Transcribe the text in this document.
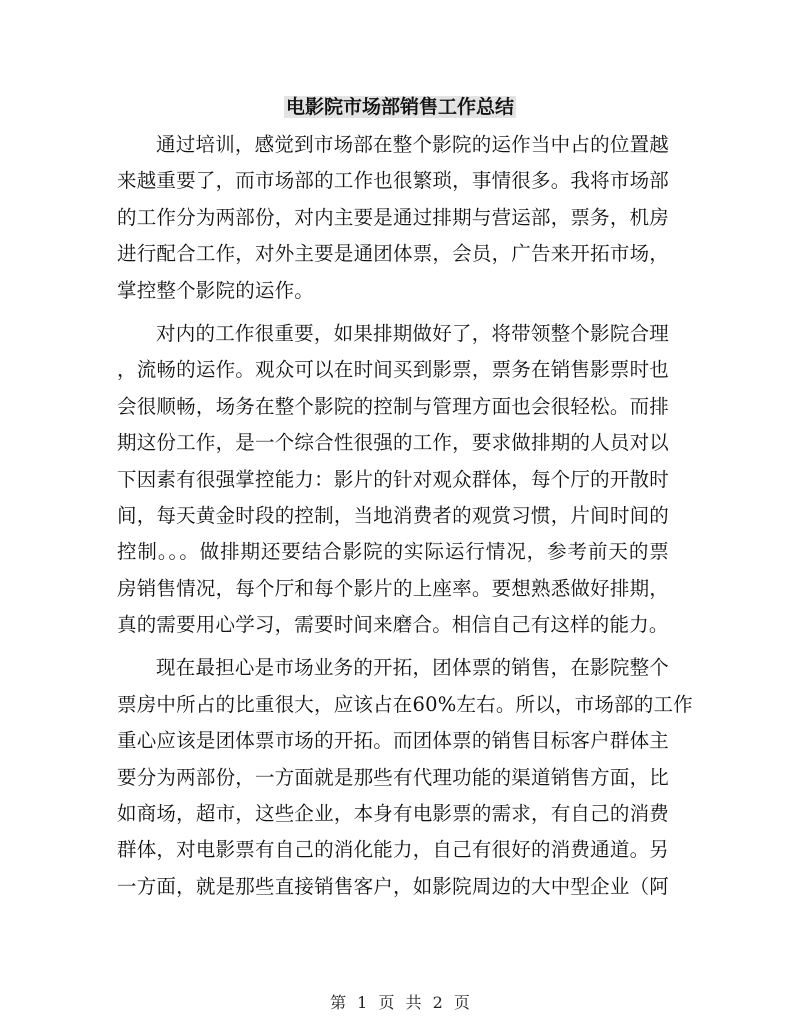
电影院市场部销售工作总结
通过培训，感觉到市场部在整个影院的运作当中占的位置越
来越重要了，而市场部的工作也很繁琐，事情很多。我将市场部
的工作分为两部份，对内主要是通过排期与营运部，票务，机房
进行配合工作，对外主要是通团体票，会员，广告来开拓市场，
掌控整个影院的运作。
对内的工作很重要，如果排期做好了，将带领整个影院合理
，流畅的运作。观众可以在时间买到影票，票务在销售影票时也
会很顺畅，场务在整个影院的控制与管理方面也会很轻松。而排
期这份工作，是一个综合性很强的工作，要求做排期的人员对以
下因素有很强掌控能力：影片的针对观众群体，每个厅的开散时
间，每天黄金时段的控制，当地消费者的观赏习惯，片间时间的
控制。。。做排期还要结合影院的实际运行情况，参考前天的票
房销售情况，每个厅和每个影片的上座率。要想熟悉做好排期，
真的需要用心学习，需要时间来磨合。相信自己有这样的能力。
现在最担心是市场业务的开拓，团体票的销售，在影院整个
票房中所占的比重很大，应该占在60%左右。所以，市场部的工作
重心应该是团体票市场的开拓。而团体票的销售目标客户群体主
要分为两部份，一方面就是那些有代理功能的渠道销售方面，比
如商场，超市，这些企业，本身有电影票的需求，有自己的消费
群体，对电影票有自己的消化能力，自己有很好的消费通道。另
一方面，就是那些直接销售客户，如影院周边的大中型企业（阿
第 1 页 共 2 页
